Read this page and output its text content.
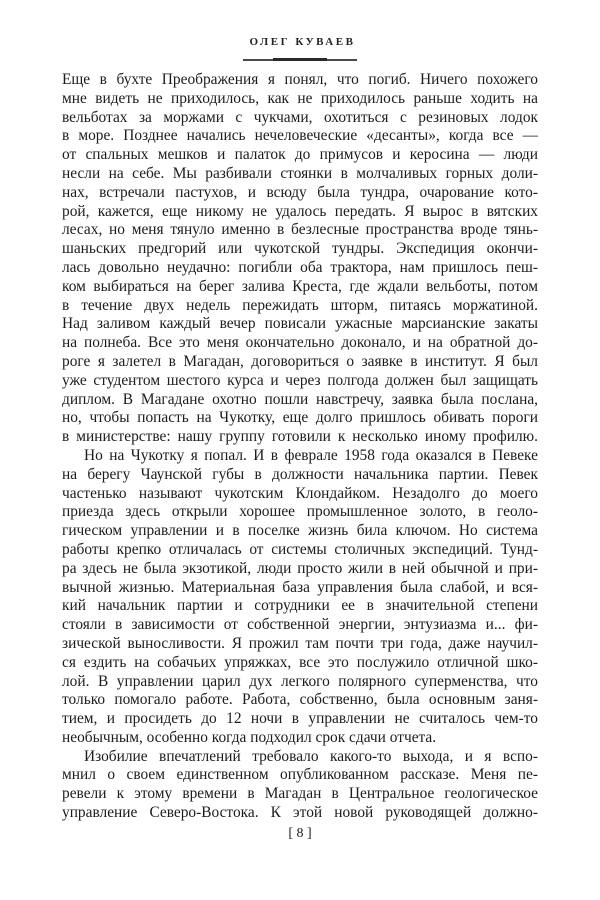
ОЛЕГ КУВАЕВ
Еще в бухте Преображения я понял, что погиб. Ничего похожего
мне видеть не приходилось, как не приходилось раньше ходить на
вельботах за моржами с чукчами, охотиться с резиновых лодок
в море. Позднее начались нечеловеческие «десанты», когда все —
от спальных мешков и палаток до примусов и керосина — люди
несли на себе. Мы разбивали стоянки в молчаливых горных доли-
нах, встречали пастухов, и всюду была тундра, очарование кото-
рой, кажется, еще никому не удалось передать. Я вырос в вятских
лесах, но меня тянуло именно в безлесные пространства вроде тянь-
шаньских предгорий или чукотской тундры. Экспедиция окончи-
лась довольно неудачно: погибли оба трактора, нам пришлось пеш-
ком выбираться на берег залива Креста, где ждали вельботы, потом
в течение двух недель пережидать шторм, питаясь моржатиной.
Над заливом каждый вечер повисали ужасные марсианские закаты
на полнеба. Все это меня окончательно доконало, и на обратной до-
роге я залетел в Магадан, договориться о заявке в институт. Я был
уже студентом шестого курса и через полгода должен был защищать
диплом. В Магадане охотно пошли навстречу, заявка была послана,
но, чтобы попасть на Чукотку, еще долго пришлось обивать пороги
в министерстве: нашу группу готовили к несколько иному профилю.
Но на Чукотку я попал. И в феврале 1958 года оказался в Певеке
на берегу Чаунской губы в должности начальника партии. Певек
частенько называют чукотским Клондайком. Незадолго до моего
приезда здесь открыли хорошее промышленное золото, в геоло-
гическом управлении и в поселке жизнь била ключом. Но система
работы крепко отличалась от системы столичных экспедиций. Тунд-
ра здесь не была экзотикой, люди просто жили в ней обычной и при-
вычной жизнью. Материальная база управления была слабой, и вся-
кий начальник партии и сотрудники ее в значительной степени
стояли в зависимости от собственной энергии, энтузиазма и... фи-
зической выносливости. Я прожил там почти три года, даже научил-
ся ездить на собачьих упряжках, все это послужило отличной шко-
лой. В управлении царил дух легкого полярного суперменства, что
только помогало работе. Работа, собственно, была основным заня-
тием, и просидеть до 12 ночи в управлении не считалось чем-то
необычным, особенно когда подходил срок сдачи отчета.
Изобилие впечатлений требовало какого-то выхода, и я вспо-
мнил о своем единственном опубликованном рассказе. Меня пе-
ревели к этому времени в Магадан в Центральное геологическое
управление Северо-Востока. К этой новой руководящей должно-
[ 8 ]
